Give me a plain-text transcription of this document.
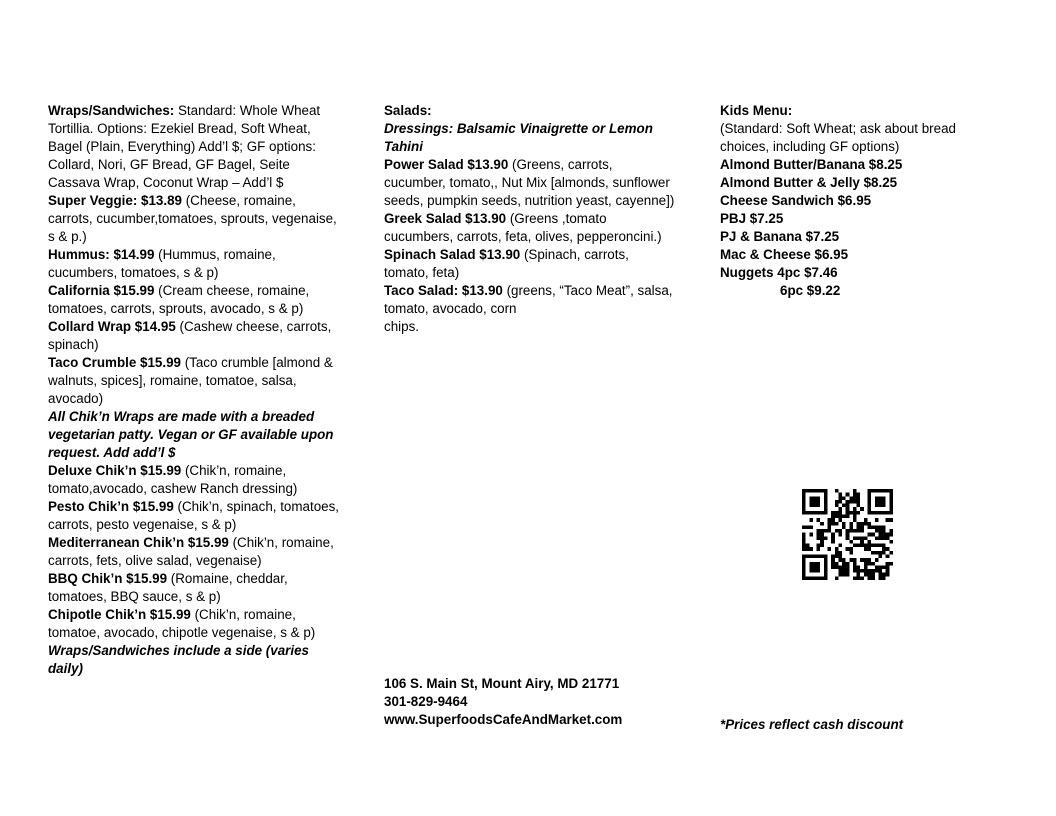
Wraps/Sandwiches: Standard: Whole Wheat Tortillia. Options: Ezekiel Bread, Soft Wheat, Bagel (Plain, Everything) Add’l $; GF options: Collard, Nori, GF Bread, GF Bagel, Seite Cassava Wrap, Coconut Wrap – Add’l $

Super Veggie: $13.89 (Cheese, romaine, carrots, cucumber,tomatoes, sprouts, vegenaise, s & p.)

Hummus: $14.99 (Hummus, romaine, cucumbers, tomatoes, s & p)

California $15.99 (Cream cheese, romaine, tomatoes, carrots, sprouts, avocado, s & p)

Collard Wrap $14.95 (Cashew cheese, carrots, spinach)

Taco Crumble $15.99 (Taco crumble [almond & walnuts, spices], romaine, tomatoe, salsa, avocado)

All Chik’n Wraps are made with a breaded vegetarian patty. Vegan or GF available upon request. Add add’l $

Deluxe Chik’n $15.99 (Chik’n, romaine, tomato,avocado, cashew Ranch dressing)

Pesto Chik’n $15.99 (Chik’n, spinach, tomatoes, carrots, pesto vegenaise, s & p)

Mediterranean Chik’n $15.99 (Chik’n, romaine, carrots, fets, olive salad, vegenaise)

BBQ Chik’n $15.99 (Romaine, cheddar, tomatoes, BBQ sauce, s & p)

Chipotle Chik’n $15.99 (Chik’n, romaine, tomatoe, avocado, chipotle vegenaise, s & p)

Wraps/Sandwiches include a side (varies daily)

Salads:

Dressings: Balsamic Vinaigrette or Lemon Tahini

Power Salad $13.90 (Greens, carrots, cucumber, tomato,, Nut Mix [almonds, sunflower seeds, pumpkin seeds, nutrition yeast, cayenne])

Greek Salad $13.90 (Greens ,tomato cucumbers, carrots, feta, olives, pepperoncini.)

Spinach Salad $13.90 (Spinach, carrots, tomato, feta)

Taco Salad: $13.90 (greens, “Taco Meat”, salsa, tomato, avocado, corn

chips.

Kids Menu:

(Standard: Soft Wheat; ask about bread choices, including GF options)

Almond Butter/Banana $8.25

Almond Butter & Jelly $8.25

Cheese Sandwich $6.95

PBJ $7.25

PJ & Banana $7.25

Mac & Cheese $6.95

Nuggets 4pc $7.46

6pc $9.22

106 S. Main St, Mount Airy, MD 21771
301-829-9464
www.SuperfoodsCafeAndMarket.com	*Prices reflect cash discount
